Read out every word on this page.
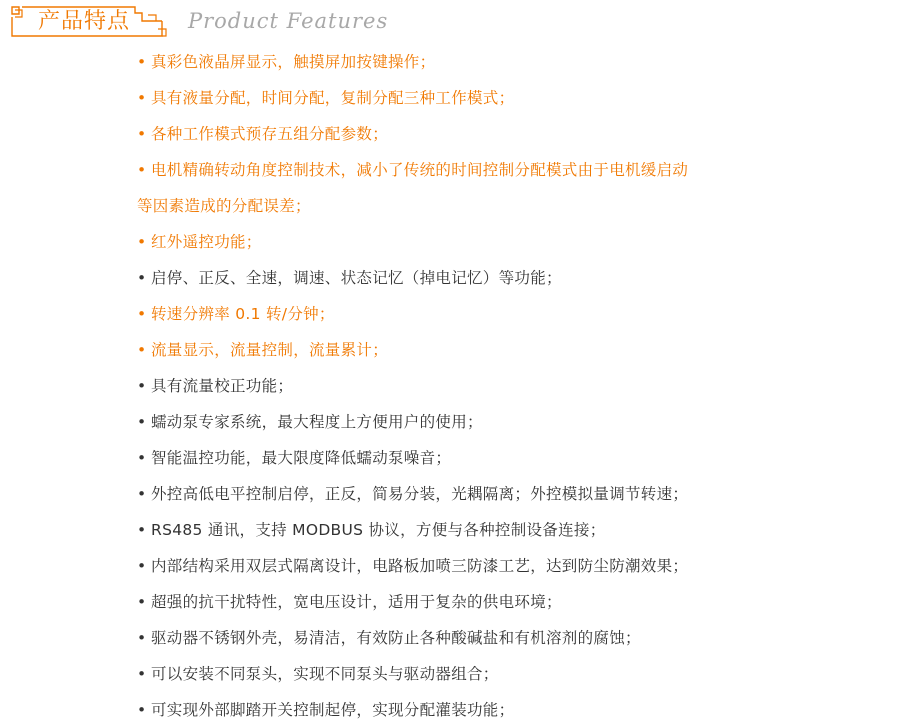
产品特点	Product Features
• 真彩色液晶屏显示，触摸屏加按键操作；
• 具有液量分配，时间分配，复制分配三种工作模式；
• 各种工作模式预存五组分配参数；
• 电机精确转动角度控制技术，减小了传统的时间控制分配模式由于电机缓启动
等因素造成的分配误差；
• 红外遥控功能；
• 启停、正反、全速，调速、状态记忆（掉电记忆）等功能；
• 转速分辨率 0.1 转/分钟；
• 流量显示，流量控制，流量累计；
• 具有流量校正功能；
• 蠕动泵专家系统，最大程度上方便用户的使用；
• 智能温控功能，最大限度降低蠕动泵噪音；
• 外控高低电平控制启停，正反，简易分装，光耦隔离；外控模拟量调节转速；
• RS485 通讯，支持 MODBUS 协议，方便与各种控制设备连接；
• 内部结构采用双层式隔离设计，电路板加喷三防漆工艺，达到防尘防潮效果；
• 超强的抗干扰特性，宽电压设计，适用于复杂的供电环境；
• 驱动器不锈钢外壳，易清洁，有效防止各种酸碱盐和有机溶剂的腐蚀；
• 可以安装不同泵头，实现不同泵头与驱动器组合；
• 可实现外部脚踏开关控制起停，实现分配灌装功能；
